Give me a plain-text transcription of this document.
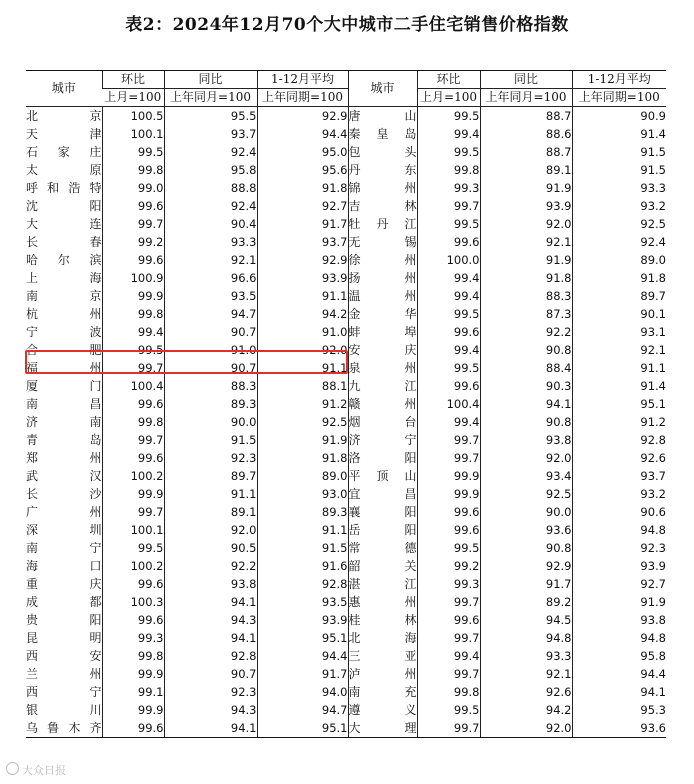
表2：2024年12月70个大中城市二手住宅销售价格指数
城市	环比	同比	1-12月平均	城市	环比	同比	1-12月平均
	上月=100	上年同月=100	上年同期=100		上月=100	上年同月=100	上年同期=100
北京	100.5	95.5	92.9	唐山	99.5	88.7	90.9
天津	100.1	93.7	94.4	秦皇岛	99.4	88.6	91.4
石家庄	99.5	92.4	95.0	包头	99.5	88.7	91.5
太原	99.8	95.8	95.6	丹东	99.8	89.1	91.5
呼和浩特	99.0	88.8	91.8	锦州	99.3	91.9	93.3
沈阳	99.6	92.4	92.7	吉林	99.7	93.9	93.2
大连	99.7	90.4	91.7	牡丹江	99.5	92.0	92.5
长春	99.2	93.3	93.7	无锡	99.6	92.1	92.4
哈尔滨	99.6	92.1	92.9	徐州	100.0	91.9	89.0
上海	100.9	96.6	93.9	扬州	99.4	91.8	91.8
南京	99.9	93.5	91.1	温州	99.4	88.3	89.7
杭州	99.8	94.7	94.2	金华	99.5	87.3	90.1
宁波	99.4	90.7	91.0	蚌埠	99.6	92.2	93.1
合肥	99.5	91.0	92.0	安庆	99.4	90.8	92.1
福州	99.7	90.7	91.1	泉州	99.5	88.4	91.1
厦门	100.4	88.3	88.1	九江	99.6	90.3	91.4
南昌	99.6	89.3	91.2	赣州	100.4	94.1	95.1
济南	99.8	90.0	92.5	烟台	99.4	90.8	91.2
青岛	99.7	91.5	91.9	济宁	99.7	93.8	92.8
郑州	99.6	92.3	91.8	洛阳	99.7	92.0	92.6
武汉	100.2	89.7	89.0	平顶山	99.9	93.4	93.7
长沙	99.9	91.1	93.0	宜昌	99.9	92.5	93.2
广州	99.7	89.1	89.3	襄阳	99.6	90.0	90.6
深圳	100.1	92.0	91.1	岳阳	99.6	93.6	94.8
南宁	99.5	90.5	91.5	常德	99.5	90.8	92.3
海口	100.2	92.2	91.6	韶关	99.2	92.9	93.9
重庆	99.6	93.8	92.8	湛江	99.3	91.7	92.7
成都	100.3	94.1	93.5	惠州	99.7	89.2	91.9
贵阳	99.6	94.3	93.9	桂林	99.6	94.5	93.8
昆明	99.3	94.1	95.1	北海	99.7	94.8	94.8
西安	99.8	92.8	94.4	三亚	99.4	93.3	95.8
兰州	99.9	90.7	91.7	泸州	99.7	92.1	94.4
西宁	99.1	92.3	94.0	南充	99.8	92.6	94.1
银川	99.9	94.3	94.7	遵义	99.5	94.2	95.3
乌鲁木齐	99.6	94.1	95.1	大理	99.7	92.0	93.6
大众日报
